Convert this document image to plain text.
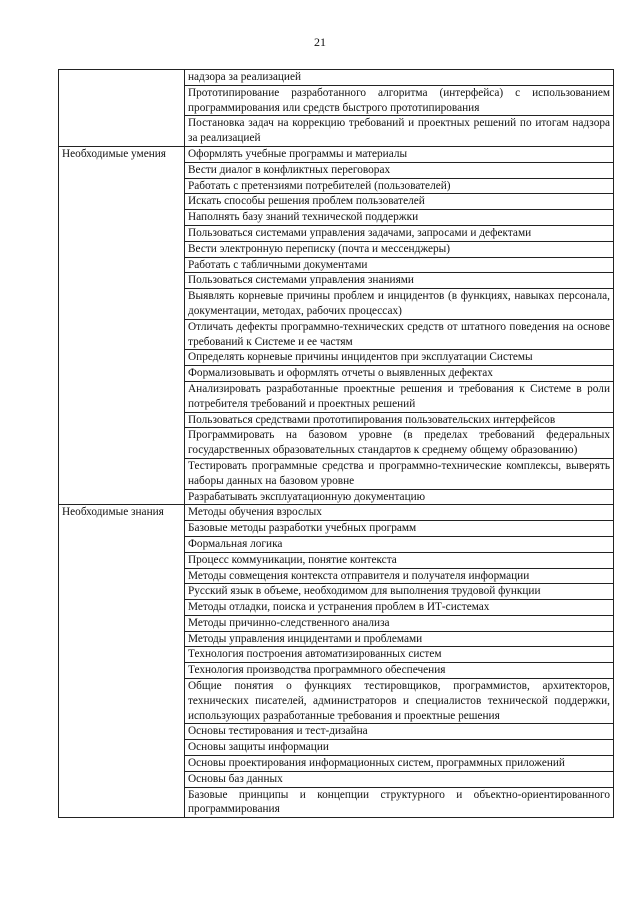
21
	надзора за реализацией
	Прототипирование разработанного алгоритма (интерфейса) с использованием программирования или средств быстрого прототипирования
	Постановка задач на коррекцию требований и проектных решений по итогам надзора за реализацией
Необходимые умения	Оформлять учебные программы и материалы
	Вести диалог в конфликтных переговорах
	Работать с претензиями потребителей (пользователей)
	Искать способы решения проблем пользователей
	Наполнять базу знаний технической поддержки
	Пользоваться системами управления задачами, запросами и дефектами
	Вести электронную переписку (почта и мессенджеры)
	Работать с табличными документами
	Пользоваться системами управления знаниями
	Выявлять корневые причины проблем и инцидентов (в функциях, навыках персонала, документации, методах, рабочих процессах)
	Отличать дефекты программно-технических средств от штатного поведения на основе требований к Системе и ее частям
	Определять корневые причины инцидентов при эксплуатации Системы
	Формализовывать и оформлять отчеты о выявленных дефектах
	Анализировать разработанные проектные решения и требования к Системе в роли потребителя требований и проектных решений
	Пользоваться средствами прототипирования пользовательских интерфейсов
	Программировать на базовом уровне (в пределах требований федеральных государственных образовательных стандартов к среднему общему образованию)
	Тестировать программные средства и программно-технические комплексы, выверять наборы данных на базовом уровне
	Разрабатывать эксплуатационную документацию
Необходимые знания	Методы обучения взрослых
	Базовые методы разработки учебных программ
	Формальная логика
	Процесс коммуникации, понятие контекста
	Методы совмещения контекста отправителя и получателя информации
	Русский язык в объеме, необходимом для выполнения трудовой функции
	Методы отладки, поиска и устранения проблем в ИТ-системах
	Методы причинно-следственного анализа
	Методы управления инцидентами и проблемами
	Технология построения автоматизированных систем
	Технология производства программного обеспечения
	Общие понятия о функциях тестировщиков, программистов, архитекторов, технических писателей, администраторов и специалистов технической поддержки, использующих разработанные требования и проектные решения
	Основы тестирования и тест-дизайна
	Основы защиты информации
	Основы проектирования информационных систем, программных приложений
	Основы баз данных
	Базовые принципы и концепции структурного и объектно-ориентированного программирования
